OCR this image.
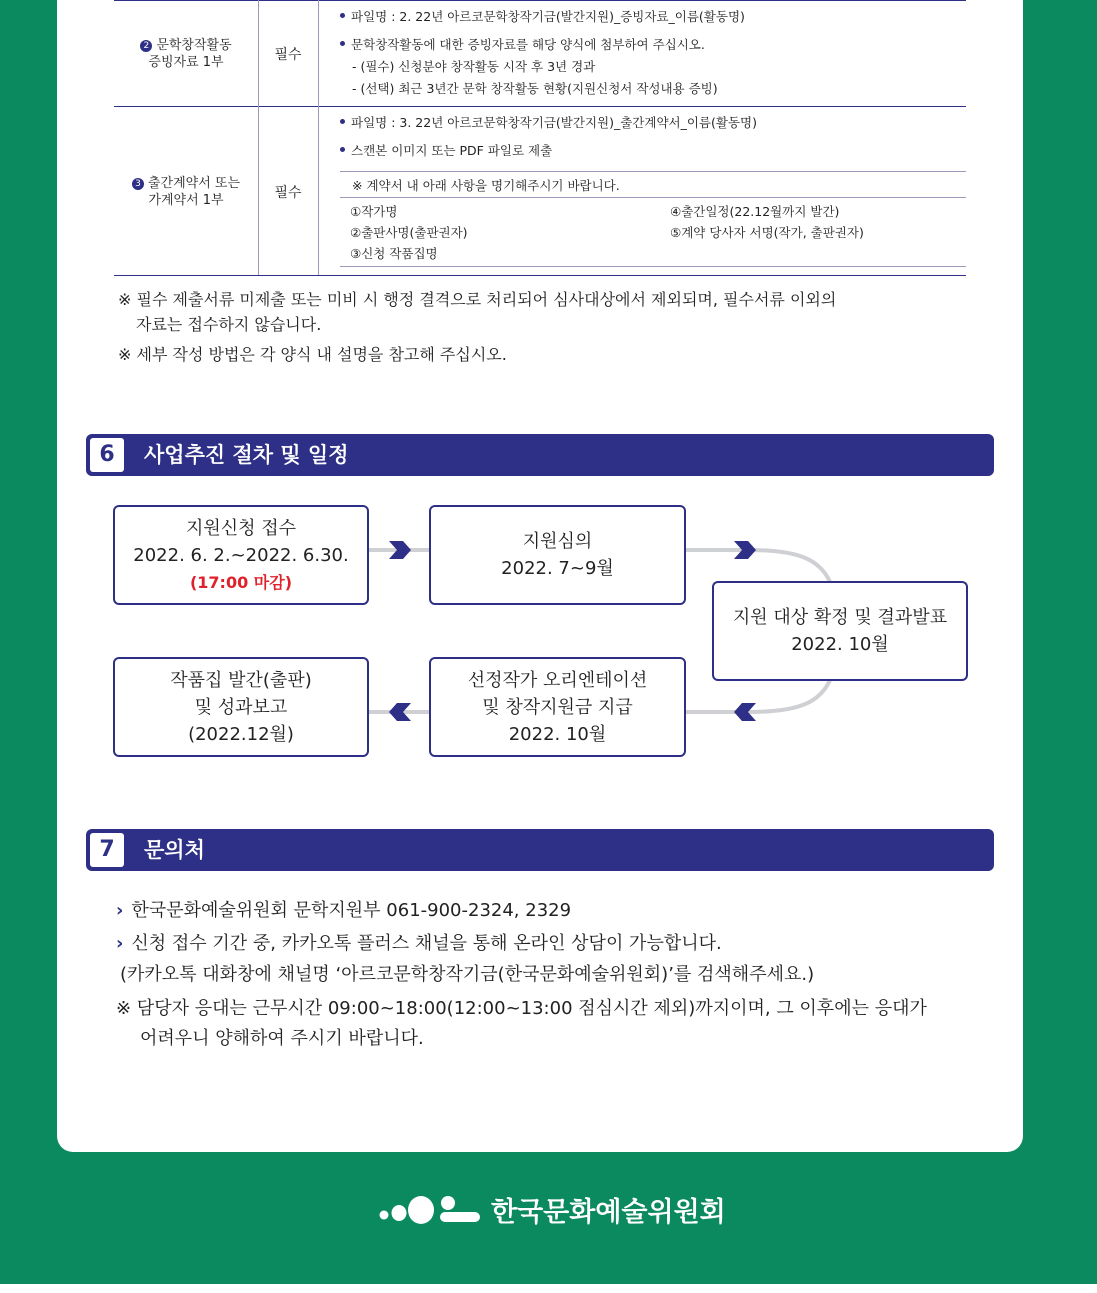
2 문학창작활동
증빙자료 1부	필수
파일명 : 2. 22년 아르코문학창작기금(발간지원)_증빙자료_이름(활동명)
문학창작활동에 대한 증빙자료를 해당 양식에 첨부하여 주십시오.
- (필수) 신청분야 창작활동 시작 후 3년 경과
- (선택) 최근 3년간 문학 창작활동 현황(지원신청서 작성내용 증빙)
3 출간계약서 또는
가계약서 1부	필수
파일명 : 3. 22년 아르코문학창작기금(발간지원)_출간계약서_이름(활동명)
스캔본 이미지 또는 PDF 파일로 제출
※ 계약서 내 아래 사항을 명기해주시기 바랍니다.
①작가명
②출판사명(출판권자)
③신청 작품집명
④출간일정(22.12월까지 발간)
⑤계약 당사자 서명(작가, 출판권자)
※ 필수 제출서류 미제출 또는 미비 시 행정 결격으로 처리되어 심사대상에서 제외되며, 필수서류 이외의
자료는 접수하지 않습니다.
※ 세부 작성 방법은 각 양식 내 설명을 참고해 주십시오.
6	사업추진 절차 및 일정
지원신청 접수
2022. 6. 2.~2022. 6.30.
(17:00 마감)
지원심의
2022. 7~9월
지원 대상 확정 및 결과발표
2022. 10월
선정작가 오리엔테이션
및 창작지원금 지급
2022. 10월
작품집 발간(출판)
및 성과보고
(2022.12월)
7	문의처
› 한국문화예술위원회 문학지원부 061-900-2324, 2329
› 신청 접수 기간 중, 카카오톡 플러스 채널을 통해 온라인 상담이 가능합니다.
(카카오톡 대화창에 채널명 ‘아르코문학창작기금(한국문화예술위원회)’를 검색해주세요.)
※ 담당자 응대는 근무시간 09:00~18:00(12:00~13:00 점심시간 제외)까지이며, 그 이후에는 응대가
어려우니 양해하여 주시기 바랍니다.
한국문화예술위원회
